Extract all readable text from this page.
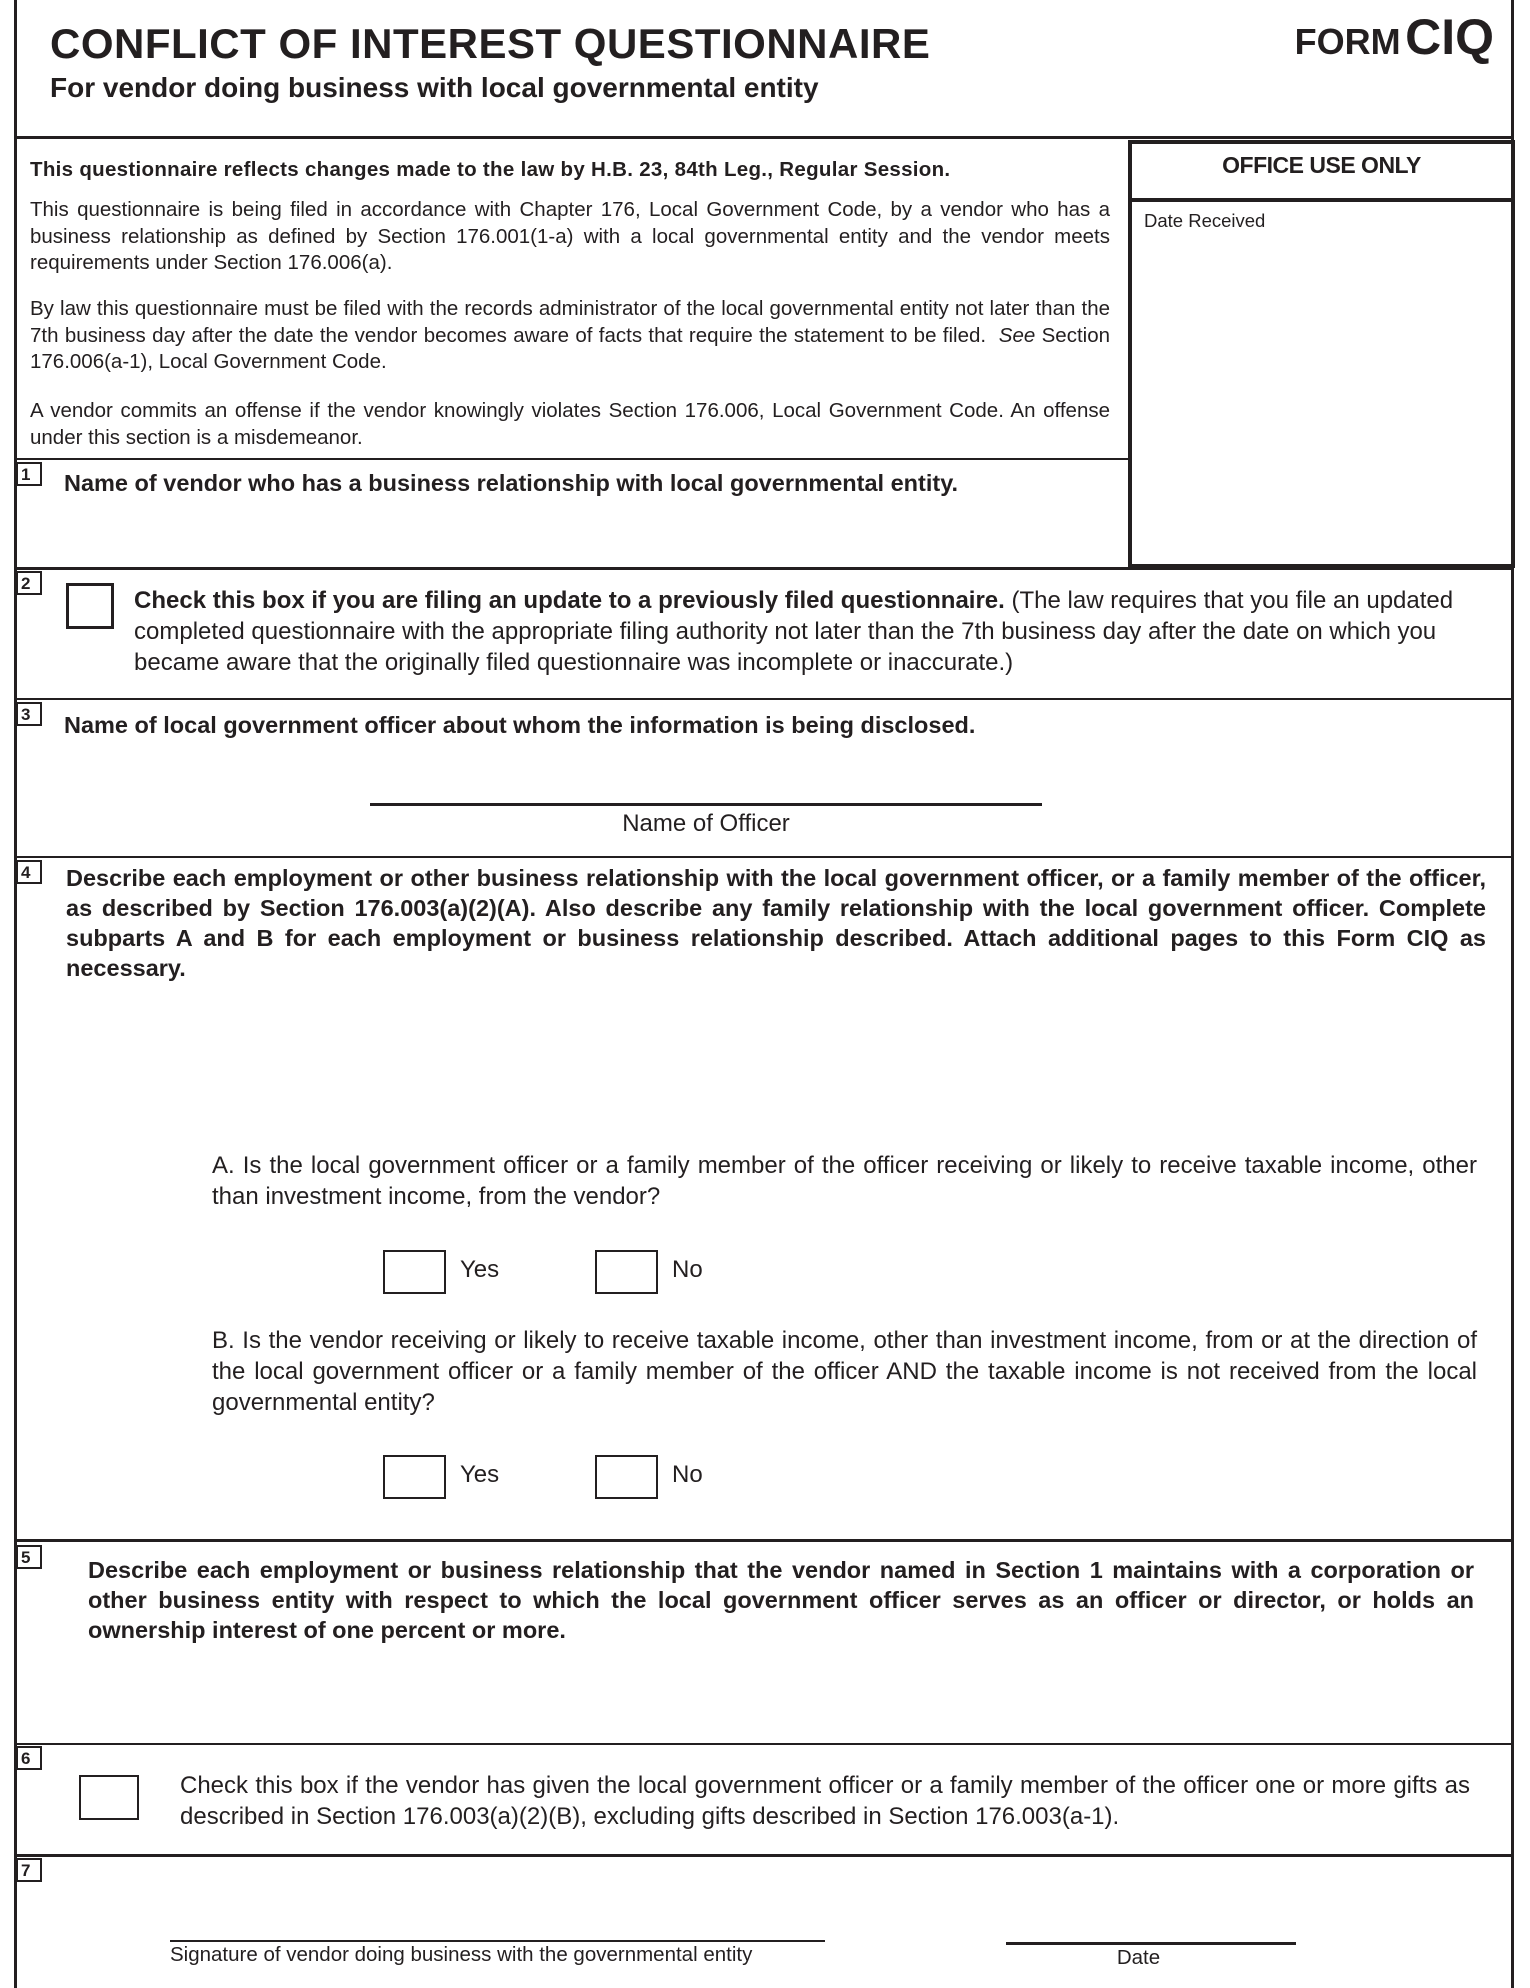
CONFLICT OF INTEREST QUESTIONNAIRE
For vendor doing business with local governmental entity
FORM CIQ
OFFICE USE ONLY
Date Received
This questionnaire reflects changes made to the law by H.B. 23, 84th Leg., Regular Session.
This questionnaire is being filed in accordance with Chapter 176, Local Government Code, by a vendor who has a business relationship as defined by Section 176.001(1-a) with a local governmental entity and the vendor meets requirements under Section 176.006(a).
By law this questionnaire must be filed with the records administrator of the local governmental entity not later than the 7th business day after the date the vendor becomes aware of facts that require the statement to be filed. See Section 176.006(a-1), Local Government Code.
A vendor commits an offense if the vendor knowingly violates Section 176.006, Local Government Code. An offense under this section is a misdemeanor.
1	Name of vendor who has a business relationship with local governmental entity.
2
Check this box if you are filing an update to a previously filed questionnaire. (The law requires that you file an updated completed questionnaire with the appropriate filing authority not later than the 7th business day after the date on which you became aware that the originally filed questionnaire was incomplete or inaccurate.)
3	Name of local government officer about whom the information is being disclosed.
Name of Officer
4	Describe each employment or other business relationship with the local government officer, or a family member of the officer, as described by Section 176.003(a)(2)(A). Also describe any family relationship with the local government officer. Complete subparts A and B for each employment or business relationship described. Attach additional pages to this Form CIQ as necessary.
A. Is the local government officer or a family member of the officer receiving or likely to receive taxable income, other than investment income, from the vendor?
Yes	No
B. Is the vendor receiving or likely to receive taxable income, other than investment income, from or at the direction of the local government officer or a family member of the officer AND the taxable income is not received from the local governmental entity?
Yes	No
5	Describe each employment or business relationship that the vendor named in Section 1 maintains with a corporation or other business entity with respect to which the local government officer serves as an officer or director, or holds an ownership interest of one percent or more.
6
Check this box if the vendor has given the local government officer or a family member of the officer one or more gifts as described in Section 176.003(a)(2)(B), excluding gifts described in Section 176.003(a-1).
7
Signature of vendor doing business with the governmental entity	Date
